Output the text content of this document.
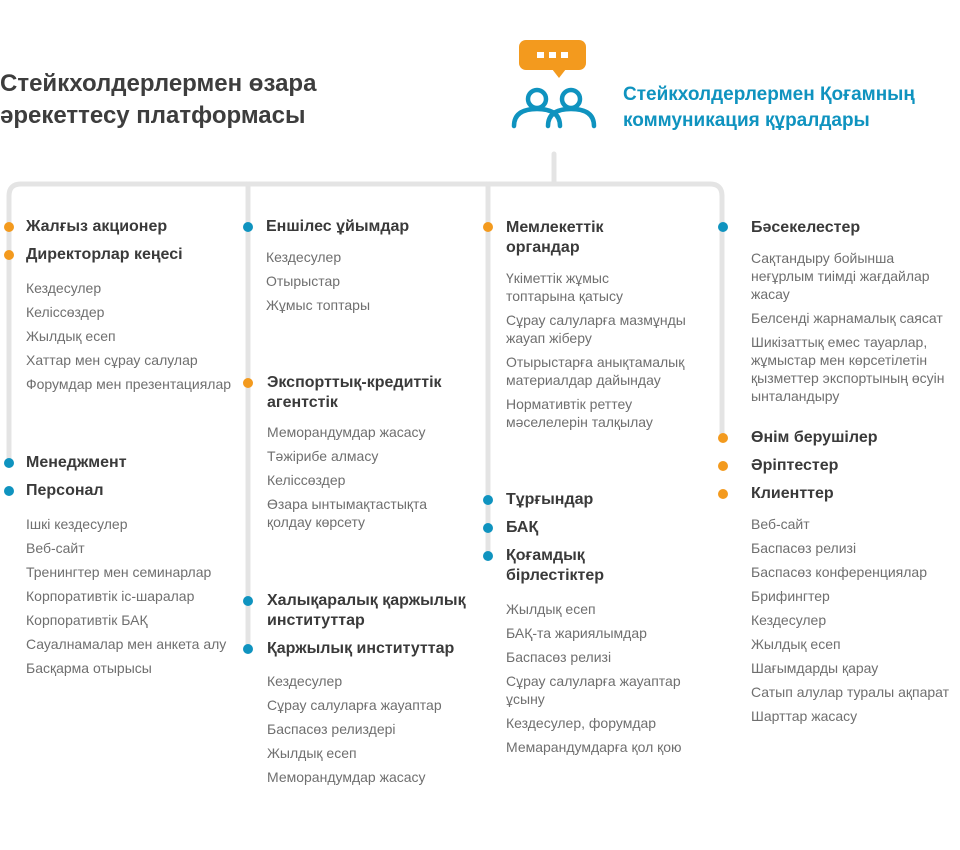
Стейкхолдерлермен өзара
әрекеттесу платформасы
Стейкхолдерлермен Қоғамның
коммуникация құралдары
Жалғыз акционер
Директорлар кеңесі
Кездесулер
Келіссөздер
Жылдық есеп
Хаттар мен сұрау салулар
Форумдар мен презентациялар
Менеджмент
Персонал
Ішкі кездесулер
Веб-сайт
Тренингтер мен семинарлар
Корпоративтік іс-шаралар
Корпоративтік БАҚ
Сауалнамалар мен анкета алу
Басқарма отырысы
Еншілес ұйымдар
Кездесулер
Отырыстар
Жұмыс топтары
Экспорттық-кредиттік
агентстік
Меморандумдар жасасу
Тәжірибе алмасу
Келіссөздер
Өзара ынтымақтастықта
қолдау көрсету
Халықаралық қаржылық
институттар
Қаржылық институттар
Кездесулер
Сұрау салуларға жауаптар
Баспасөз релиздері
Жылдық есеп
Меморандумдар жасасу
Мемлекеттік
органдар
Үкіметтік жұмыс
топтарына қатысу
Сұрау салуларға мазмұнды
жауап жіберу
Отырыстарға анықтамалық
материалдар дайындау
Нормативтік реттеу
мәселелерін талқылау
Тұрғындар
БАҚ
Қоғамдық
бірлестіктер
Жылдық есеп
БАҚ-та жариялымдар
Баспасөз релизі
Сұрау салуларға жауаптар
ұсыну
Кездесулер, форумдар
Мемарандумдарға қол қою
Бәсекелестер
Сақтандыру бойынша
неғұрлым тиімді жағдайлар
жасау
Белсенді жарнамалық саясат
Шикізаттық емес тауарлар,
жұмыстар мен көрсетілетін
қызметтер экспортының өсуін
ынталандыру
Өнім берушілер
Әріптестер
Клиенттер
Веб-сайт
Баспасөз релизі
Баспасөз конференциялар
Брифингтер
Кездесулер
Жылдық есеп
Шағымдарды қарау
Сатып алулар туралы ақпарат
Шарттар жасасу
